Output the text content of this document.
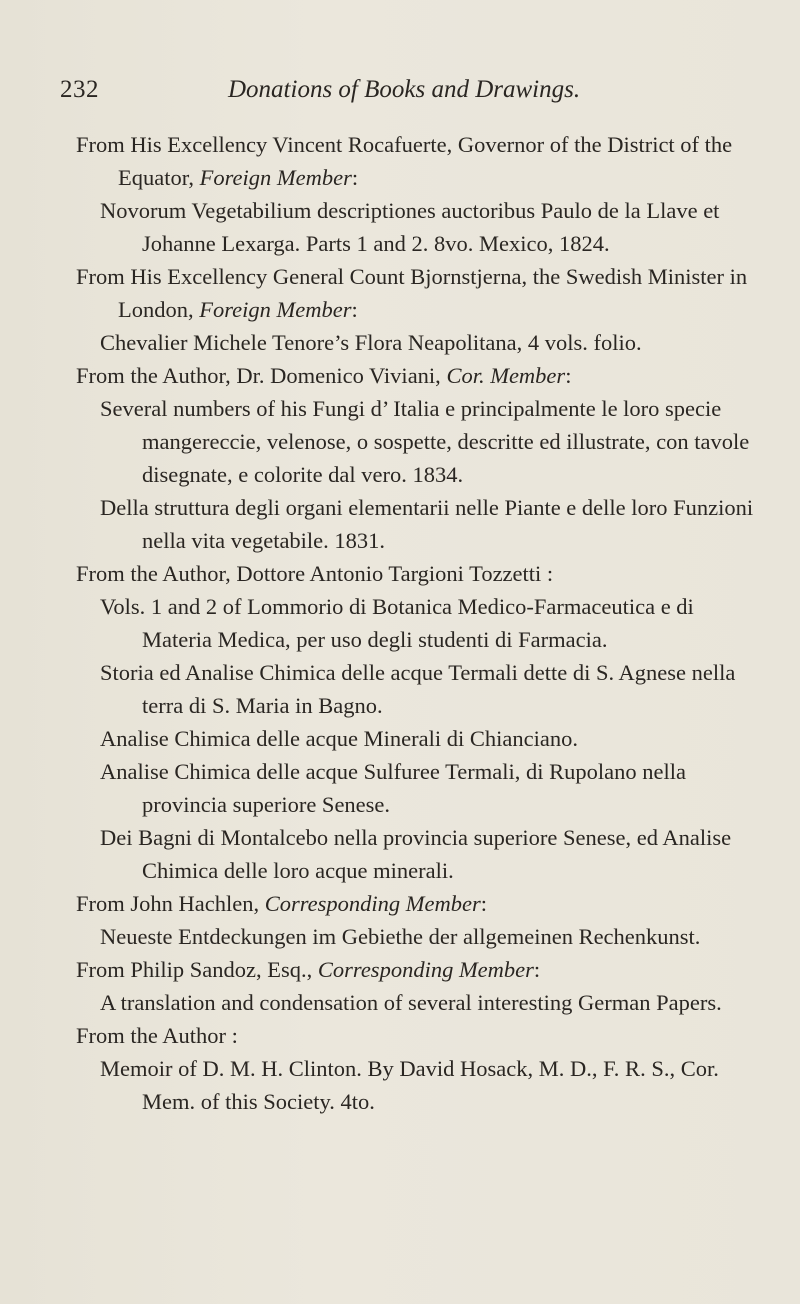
232	Donations of Books and Drawings.

From His Excellency Vincent Rocafuerte, Governor of the District of the Equator, Foreign Member:

Novorum Vegetabilium descriptiones auctoribus Paulo de la Llave et Johanne Lexarga. Parts 1 and 2. 8vo. Mexico, 1824.

From His Excellency General Count Bjornstjerna, the Swedish Minister in London, Foreign Member:

Chevalier Michele Tenore’s Flora Neapolitana, 4 vols. folio.

From the Author, Dr. Domenico Viviani, Cor. Member:

Several numbers of his Fungi d’ Italia e principalmente le loro specie mangereccie, velenose, o sospette, descritte ed illustrate, con tavole disegnate, e colorite dal vero. 1834.

Della struttura degli organi elementarii nelle Piante e delle loro Funzioni nella vita vegetabile. 1831.

From the Author, Dottore Antonio Targioni Tozzetti :

Vols. 1 and 2 of Lommorio di Botanica Medico-Farmaceutica e di Materia Medica, per uso degli studenti di Farmacia.

Storia ed Analise Chimica delle acque Termali dette di S. Agnese nella terra di S. Maria in Bagno.

Analise Chimica delle acque Minerali di Chianciano.

Analise Chimica delle acque Sulfuree Termali, di Rupolano nella provincia superiore Senese.

Dei Bagni di Montalcebo nella provincia superiore Senese, ed Analise Chimica delle loro acque minerali.

From John Hachlen, Corresponding Member:

Neueste Entdeckungen im Gebiethe der allgemeinen Rechenkunst.

From Philip Sandoz, Esq., Corresponding Member:

A translation and condensation of several interesting German Papers.

From the Author :

Memoir of D. M. H. Clinton. By David Hosack, M. D., F. R. S., Cor. Mem. of this Society. 4to.
